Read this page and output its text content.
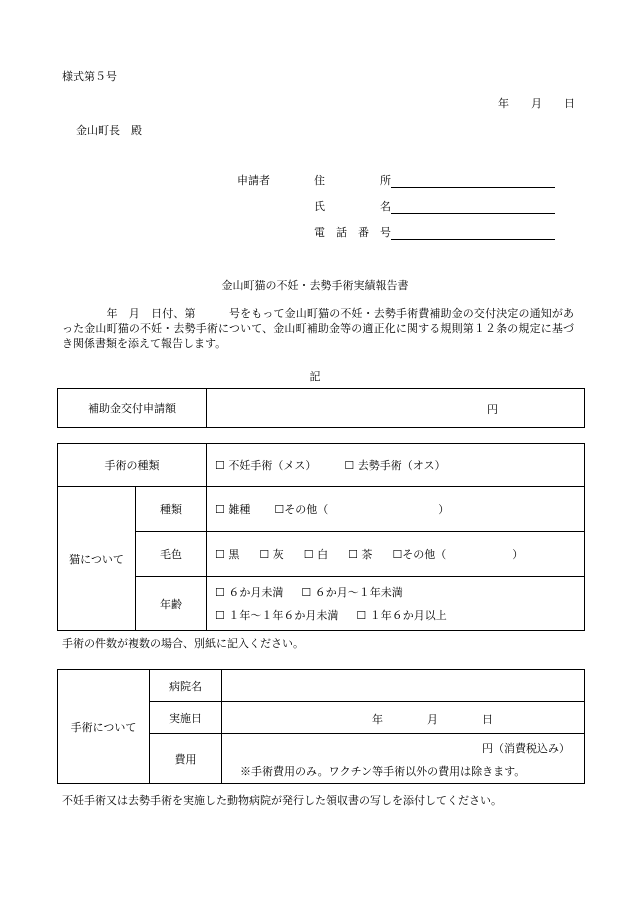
様式第５号
年　　月　　日
金山町長　殿
申請者	住　　　　　所
氏　　　　　名
電　話　番　号
金山町猫の不妊・去勢手術実績報告書
　　　　年　月　日付、第　　　号をもって金山町猫の不妊・去勢手術費補助金の交付決定の通知があった金山町猫の不妊・去勢手術について、金山町補助金等の適正化に関する規則第１２条の規定に基づき関係書類を添えて報告します。
記
補助金交付申請額	円
手術の種類		☐ 不妊手術（メス） ☐ 去勢手術（オス）
猫について	種類	☐ 雑種 ☐その他（　　　　　　　　　　）
	毛色	☐ 黒 ☐ 灰 ☐ 白 ☐ 茶 ☐その他（　　　　　　）
	年齢	☐ ６か月未満 ☐ ６か月～１年未満
☐ １年～１年６か月未満 ☐ １年６か月以上
手術の件数が複数の場合、別紙に記入ください。
手術について	病院名	
	実施日	年　　　　月　　　　日

	費用	円（消費税込み）
※手術費用のみ。ワクチン等手術以外の費用は除きます。
不妊手術又は去勢手術を実施した動物病院が発行した領収書の写しを添付してください。
